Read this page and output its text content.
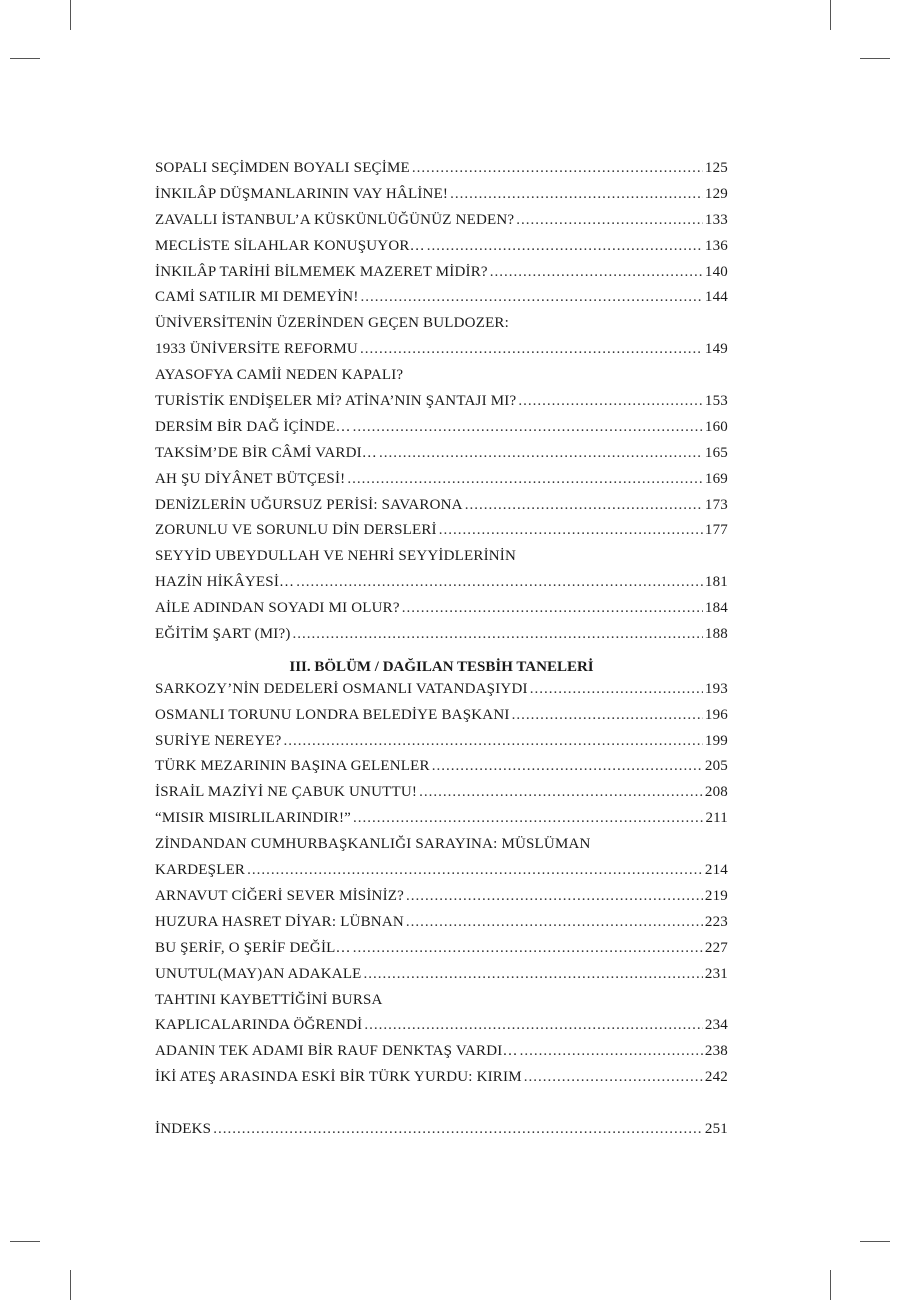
SOPALI SEÇİMDEN BOYALI SEÇİME .....	125
İNKILÂP DÜŞMANLARININ VAY HÂLİNE! .....	129
ZAVALLI İSTANBUL’A KÜSKÜNLÜĞÜNÜZ NEDEN? .....	133
MECLİSTE SİLAHLAR KONUŞUYOR… .....	136
İNKILÂP TARİHİ BİLMEMEK MAZERET MİDİR? .....	140
CAMİ SATILIR MI DEMEYİN! .....	144
ÜNİVERSİTENİN ÜZERİNDEN GEÇEN BULDOZER:
1933 ÜNİVERSİTE REFORMU .....	149
AYASOFYA CAMİİ NEDEN KAPALI?
TURİSTİK ENDİŞELER Mİ? ATİNA’NIN ŞANTAJI MI? .....	153
DERSİM BİR DAĞ İÇİNDE… .....	160
TAKSİM’DE BİR CÂMİ VARDI… .....	165
AH ŞU DİYÂNET BÜTÇESİ! .....	169
DENİZLERİN UĞURSUZ PERİSİ: SAVARONA .....	173
ZORUNLU VE SORUNLU DİN DERSLERİ .....	177
SEYYİD UBEYDULLAH VE NEHRİ SEYYİDLERİNİN
HAZİN HİKÂYESİ… .....	181
AİLE ADINDAN SOYADI MI OLUR? .....	184
EĞİTİM ŞART (MI?) .....	188
III. BÖLÜM / DAĞILAN TESBİH TANELERİ
SARKOZY’NİN DEDELERİ OSMANLI VATANDAŞIYDI .....	193
OSMANLI TORUNU LONDRA BELEDİYE BAŞKANI .....	196
SURİYE NEREYE? .....	199
TÜRK MEZARININ BAŞINA GELENLER .....	205
İSRAİL MAZİYİ NE ÇABUK UNUTTU! .....	208
“MISIR MISIRLILARINDIR!” .....	211
ZİNDANDAN CUMHURBAŞKANLIĞI SARAYINA: MÜSLÜMAN
KARDEŞLER .....	214
ARNAVUT CİĞERİ SEVER MİSİNİZ? .....	219
HUZURA HASRET DİYAR: LÜBNAN .....	223
BU ŞERİF, O ŞERİF DEĞİL… .....	227
UNUTUL(MAY)AN ADAKALE .....	231
TAHTINI KAYBETTİĞİNİ BURSA
KAPLICALARINDA ÖĞRENDİ .....	234
ADANIN TEK ADAMI BİR RAUF DENKTAŞ VARDI… .....	238
İKİ ATEŞ ARASINDA ESKİ BİR TÜRK YURDU: KIRIM .....	242
İNDEKS .....	251
